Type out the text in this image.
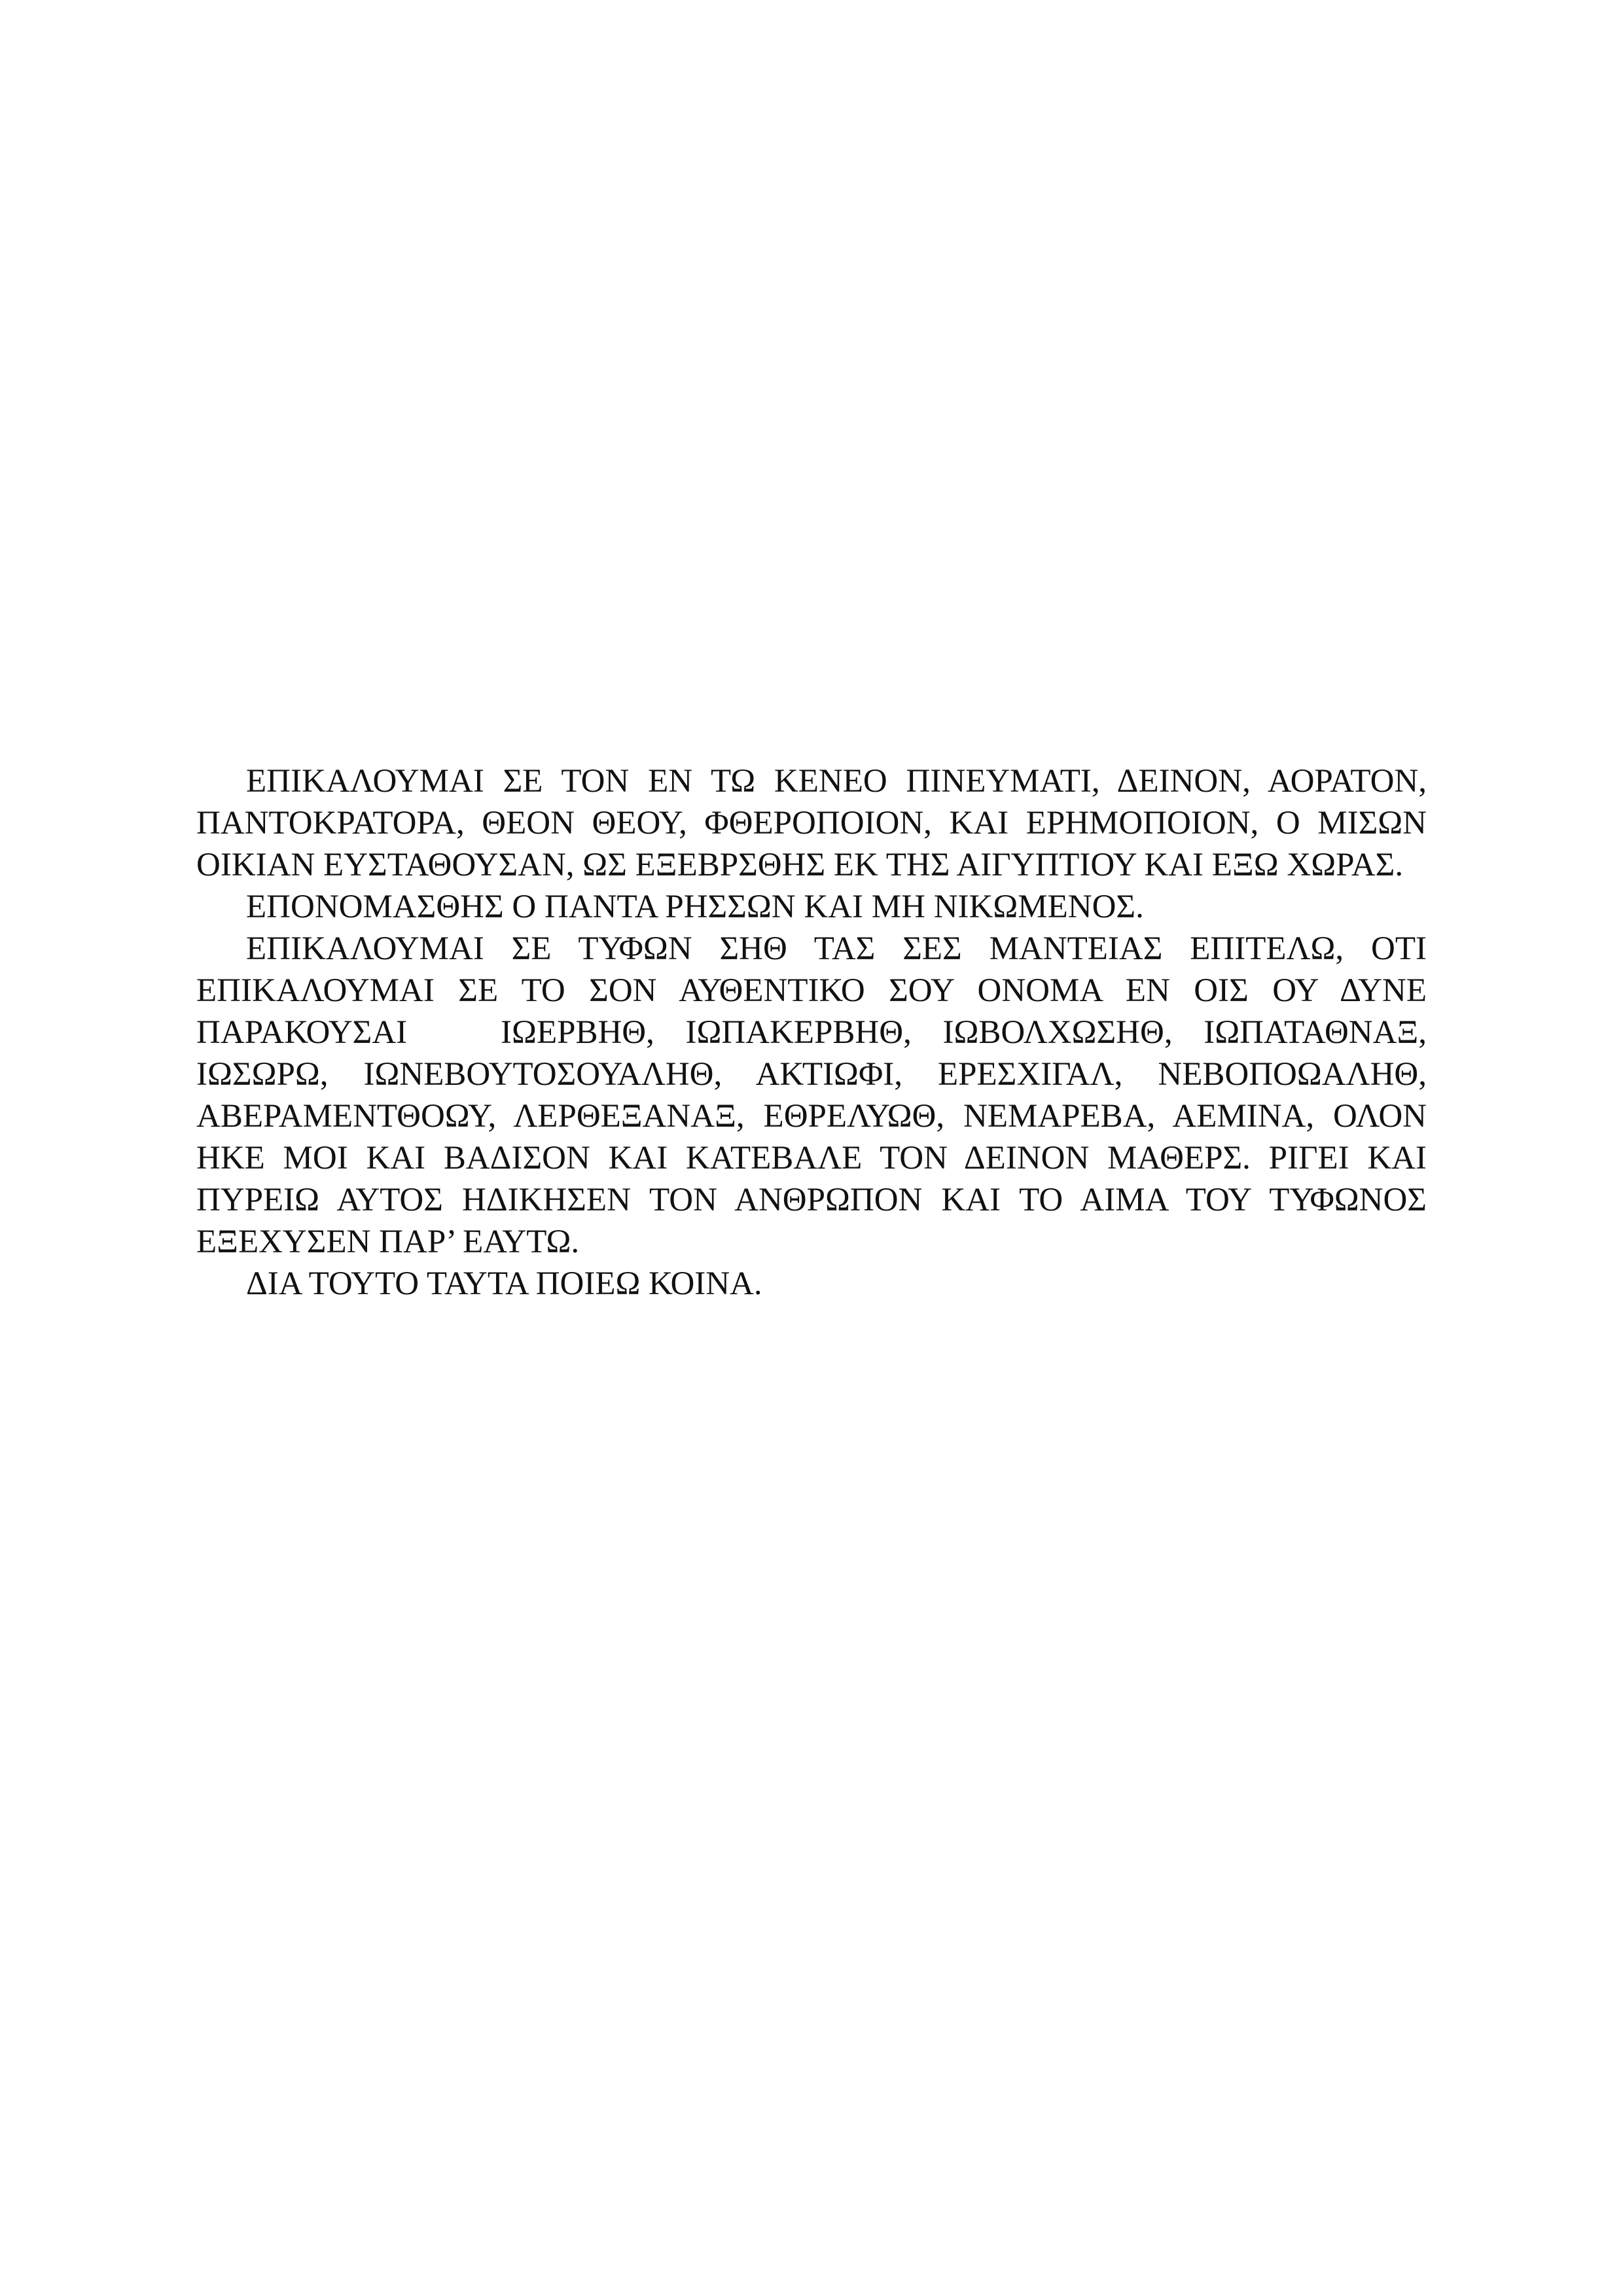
ΕΠΙΚΑΛΟΥΜΑΙ ΣΕ ΤΟΝ ΕΝ ΤΩ ΚΕΝΕΟ ΠΙΝΕΥΜΑΤΙ, ΔΕΙΝΟΝ, ΑΟΡΑΤΟΝ, ΠΑΝΤΟΚΡΑΤΟΡΑ, ΘΕΟΝ ΘΕΟΥ, ΦΘΕΡΟΠΟΙΟΝ, ΚΑΙ ΕΡΗΜΟΠΟΙΟΝ, Ο ΜΙΣΩΝ ΟΙΚΙΑΝ ΕΥΣΤΑΘΟΥΣΑΝ, ΩΣ ΕΞΕΒΡΣΘΗΣ ΕΚ ΤΗΣ ΑΙΓΥΠΤΙΟΥ ΚΑΙ ΕΞΩ ΧΩΡΑΣ.

ΕΠΟΝΟΜΑΣΘΗΣ Ο ΠΑΝΤΑ ΡΗΣΣΩΝ ΚΑΙ ΜΗ ΝΙΚΩΜΕΝΟΣ.

ΕΠΙΚΑΛΟΥΜΑΙ ΣΕ ΤΥΦΩΝ ΣΗΘ ΤΑΣ ΣΕΣ ΜΑΝΤΕΙΑΣ ΕΠΙΤΕΛΩ, ΟΤΙ ΕΠΙΚΑΛΟΥΜΑΙ ΣΕ ΤΟ ΣΟΝ ΑΥΘΕΝΤΙΚΟ ΣΟΥ ΟΝΟΜΑ ΕΝ ΟΙΣ ΟΥ ΔΥΝΕ ΠΑΡΑΚΟΥΣΑΙ   ΙΩΕΡΒΗΘ, ΙΩΠΑΚΕΡΒΗΘ, ΙΩΒΟΛΧΩΣΗΘ, ΙΩΠΑΤΑΘΝΑΞ, ΙΩΣΩΡΩ, ΙΩΝΕΒΟΥΤΟΣΟΥΑΛΗΘ, ΑΚΤΙΩΦΙ, ΕΡΕΣΧΙΓΑΛ, ΝΕΒΟΠΟΩΑΛΗΘ, ΑΒΕΡΑΜΕΝΤΘΟΩΥ, ΛΕΡΘΕΞΑΝΑΞ, ΕΘΡΕΛΥΩΘ, ΝΕΜΑΡΕΒΑ, ΑΕΜΙΝΑ, ΟΛΟΝ ΗΚΕ ΜΟΙ ΚΑΙ ΒΑΔΙΣΟΝ ΚΑΙ ΚΑΤΕΒΑΛΕ ΤΟΝ ΔΕΙΝΟΝ ΜΑΘΕΡΣ. ΡΙΓΕΙ ΚΑΙ ΠΥΡΕΙΩ ΑΥΤΟΣ ΗΔΙΚΗΣΕΝ ΤΟΝ ΑΝΘΡΩΠΟΝ ΚΑΙ ΤΟ ΑΙΜΑ ΤΟΥ ΤΥΦΩΝΟΣ ΕΞΕΧΥΣΕΝ ΠΑΡ’ ΕΑΥΤΩ.

ΔΙΑ ΤΟΥΤΟ ΤΑΥΤΑ ΠΟΙΕΩ ΚΟΙΝΑ.
